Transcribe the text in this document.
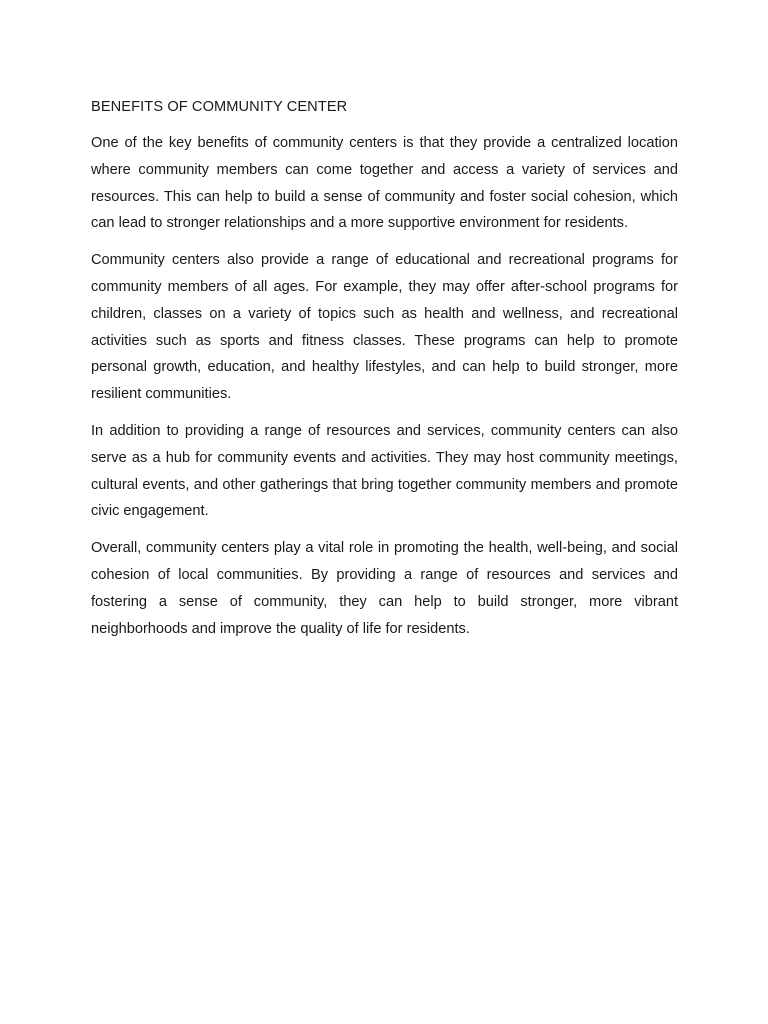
BENEFITS OF COMMUNITY CENTER

One of the key benefits of community centers is that they provide a centralized location where community members can come together and access a variety of services and resources. This can help to build a sense of community and foster social cohesion, which can lead to stronger relationships and a more supportive environment for residents.

Community centers also provide a range of educational and recreational programs for community members of all ages. For example, they may offer after-school programs for children, classes on a variety of topics such as health and wellness, and recreational activities such as sports and fitness classes. These programs can help to promote personal growth, education, and healthy lifestyles, and can help to build stronger, more resilient communities.

In addition to providing a range of resources and services, community centers can also serve as a hub for community events and activities. They may host community meetings, cultural events, and other gatherings that bring together community members and promote civic engagement.

Overall, community centers play a vital role in promoting the health, well-being, and social cohesion of local communities. By providing a range of resources and services and fostering a sense of community, they can help to build stronger, more vibrant neighborhoods and improve the quality of life for residents.
